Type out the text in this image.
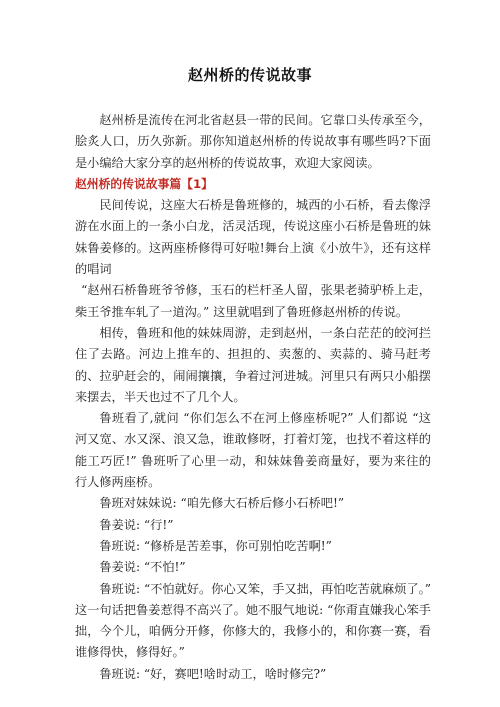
赵州桥的传说故事

赵州桥是流传在河北省赵县一带的民间。它靠口头传承至今，脍炙人口，历久弥新。那你知道赵州桥的传说故事有哪些吗?下面是小编给大家分享的赵州桥的传说故事，欢迎大家阅读。

赵州桥的传说故事篇【1】

民间传说，这座大石桥是鲁班修的，城西的小石桥，看去像浮游在水面上的一条小白龙，活灵活现，传说这座小石桥是鲁班的妹妹鲁姜修的。这两座桥修得可好啦!舞台上演《小放牛》，还有这样的唱词

“赵州石桥鲁班爷爷修，玉石的栏杆圣人留，张果老骑驴桥上走，柴王爷推车轧了一道沟。” 这里就唱到了鲁班修赵州桥的传说。

相传，鲁班和他的妹妹周游，走到赵州，一条白茫茫的皎河拦住了去路。河边上推车的、担担的、卖葱的、卖蒜的、骑马赶考的、拉驴赶会的，闹闹攘攘，争着过河进城。河里只有两只小船摆来摆去，半天也过不了几个人。

鲁班看了,就问 “你们怎么不在河上修座桥呢?” 人们都说 “这河又宽、水又深、浪又急，谁敢修呀，打着灯笼，也找不着这样的能工巧匠!” 鲁班听了心里一动，和妹妹鲁姜商量好，要为来往的行人修两座桥。

鲁班对妹妹说: “咱先修大石桥后修小石桥吧!”

鲁姜说: “行!”

鲁班说: “修桥是苦差事，你可别怕吃苦啊!”

鲁姜说: “不怕!”

鲁班说: “不怕就好。你心又笨，手又拙，再怕吃苦就麻烦了。” 这一句话把鲁姜惹得不高兴了。她不服气地说: “你甭直嫌我心笨手拙，今个儿，咱俩分开修，你修大的，我修小的，和你赛一赛，看谁修得快，修得好。”

鲁班说: “好，赛吧!啥时动工，啥时修完?”
